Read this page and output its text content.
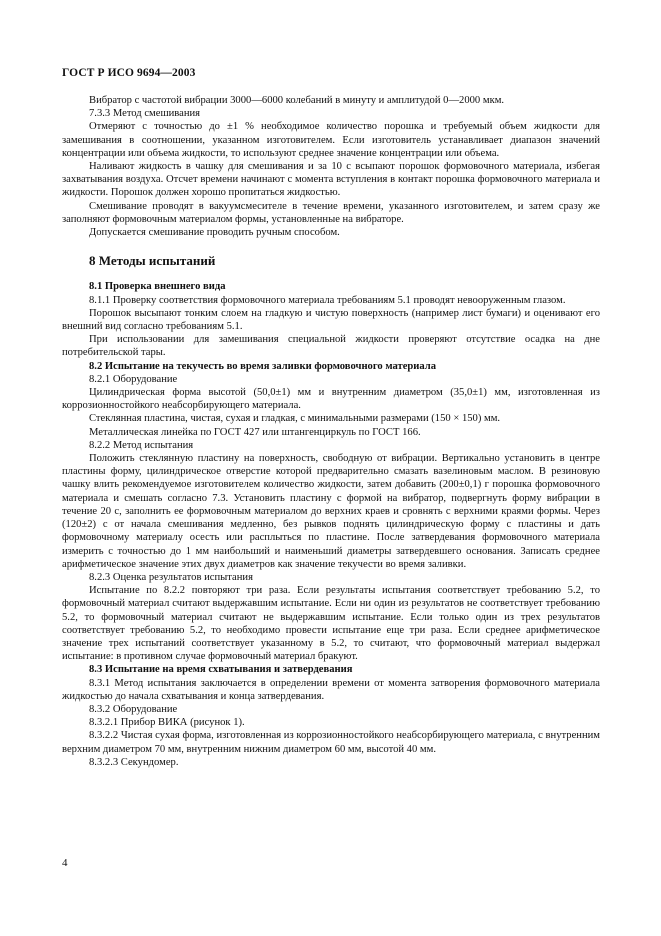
ГОСТ Р ИСО 9694—2003

Вибратор с частотой вибрации 3000—6000 колебаний в минуту и амплитудой 0—2000 мкм.

7.3.3 Метод смешивания

Отмеряют с точностью до ±1 % необходимое количество порошка и требуемый объем жидкости для замешивания в соотношении, указанном изготовителем. Если изготовитель устанавливает диапазон значений концентрации или объема жидкости, то используют среднее значение концентрации или объема.

Наливают жидкость в чашку для смешивания и за 10 с всыпают порошок формовочного материала, избегая захватывания воздуха. Отсчет времени начинают с момента вступления в контакт порошка формовочного материала и жидкости. Порошок должен хорошо пропитаться жидкостью.

Смешивание проводят в вакуумсмесителе в течение времени, указанного изготовителем, и затем сразу же заполняют формовочным материалом формы, установленные на вибраторе.

Допускается смешивание проводить ручным способом.

8 Методы испытаний

8.1 Проверка внешнего вида

8.1.1 Проверку соответствия формовочного материала требованиям 5.1 проводят невооруженным глазом.

Порошок высыпают тонким слоем на гладкую и чистую поверхность (например лист бумаги) и оценивают его внешний вид согласно требованиям 5.1.

При использовании для замешивания специальной жидкости проверяют отсутствие осадка на дне потребительской тары.

8.2 Испытание на текучесть во время заливки формовочного материала

8.2.1 Оборудование

Цилиндрическая форма высотой (50,0±1) мм и внутренним диаметром (35,0±1) мм, изготовленная из коррозионностойкого неабсорбирующего материала.

Стеклянная пластина, чистая, сухая и гладкая, с минимальными размерами (150 × 150) мм.

Металлическая линейка по ГОСТ 427 или штангенциркуль по ГОСТ 166.

8.2.2 Метод испытания

Положить стеклянную пластину на поверхность, свободную от вибрации. Вертикально установить в центре пластины форму, цилиндрическое отверстие которой предварительно смазать вазелиновым маслом. В резиновую чашку влить рекомендуемое изготовителем количество жидкости, затем добавить (200±0,1) г порошка формовочного материала и смешать согласно 7.3. Установить пластину с формой на вибратор, подвергнуть форму вибрации в течение 20 с, заполнить ее формовочным материалом до верхних краев и сровнять с верхними краями формы. Через (120±2) с от начала смешивания медленно, без рывков поднять цилиндрическую форму с пластины и дать формовочному материалу осесть или расплыться по пластине. После затвердевания формовочного материала измерить с точностью до 1 мм наибольший и наименьший диаметры затвердевшего основания. Записать среднее арифметическое значение этих двух диаметров как значение текучести во время заливки.

8.2.3 Оценка результатов испытания

Испытание по 8.2.2 повторяют три раза. Если результаты испытания соответствует требованию 5.2, то формовочный материал считают выдержавшим испытание. Если ни один из результатов не соответствует требованию 5.2, то формовочный материал считают не выдержавшим испытание. Если только один из трех результатов соответствует требованию 5.2, то необходимо провести испытание еще три раза. Если среднее арифметическое значение трех испытаний соответствует указанному в 5.2, то считают, что формовочный материал выдержал испытание: в противном случае формовочный материал бракуют.

8.3 Испытание на время схватывания и затвердевания

8.3.1 Метод испытания заключается в определении времени от момента затворения формовочного материала жидкостью до начала схватывания и конца затвердевания.

8.3.2 Оборудование

8.3.2.1 Прибор ВИКА (рисунок 1).

8.3.2.2 Чистая сухая форма, изготовленная из коррозионностойкого неабсорбирующего материала, с внутренним верхним диаметром 70 мм, внутренним нижним диаметром 60 мм, высотой 40 мм.

8.3.2.3 Секундомер.

4
